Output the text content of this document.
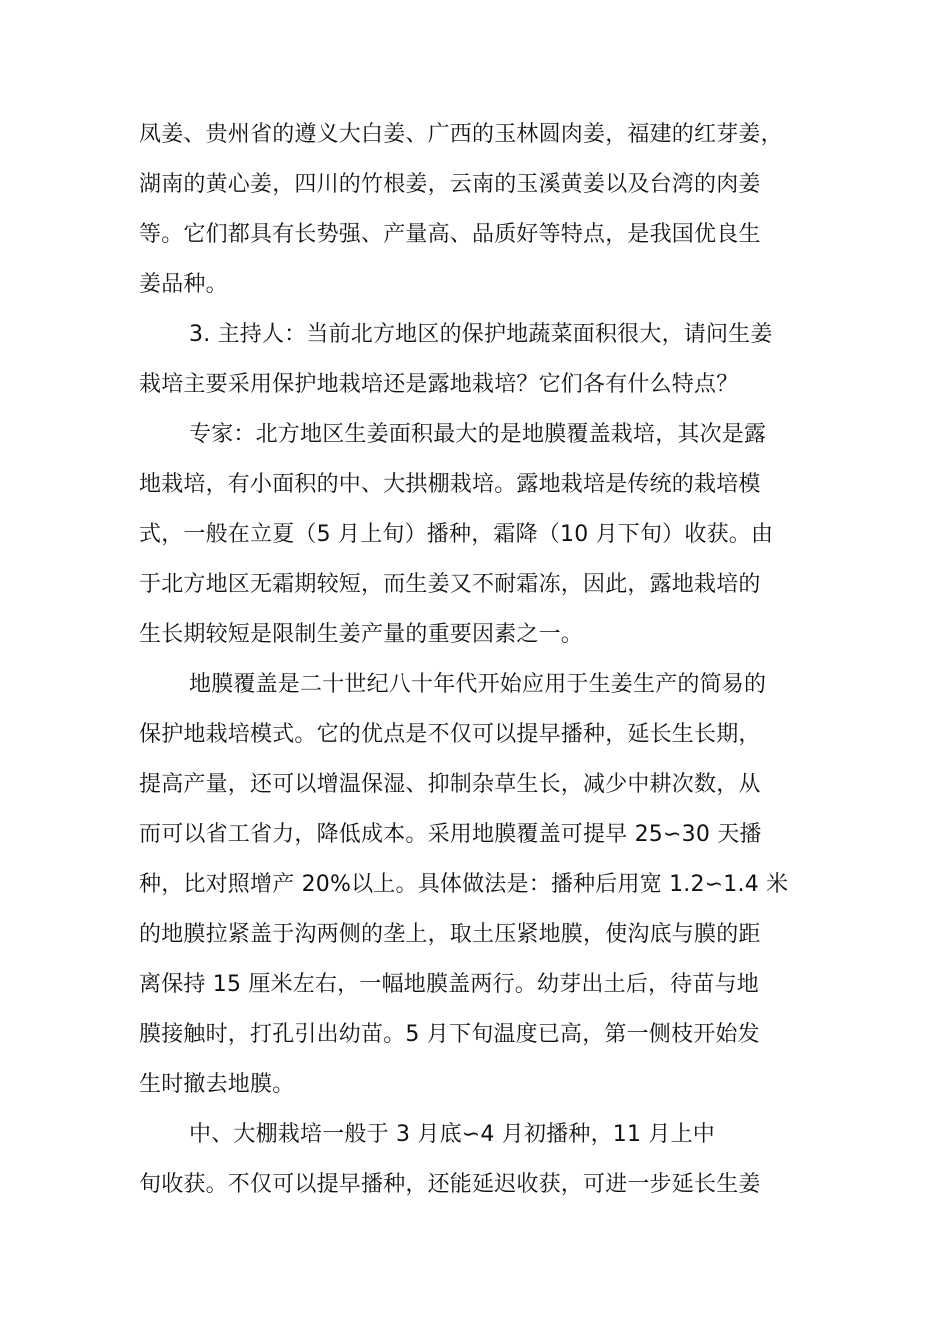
凤姜、贵州省的遵义大白姜、广西的玉林圆肉姜，福建的红芽姜，
湖南的黄心姜，四川的竹根姜，云南的玉溪黄姜以及台湾的肉姜
等。它们都具有长势强、产量高、品质好等特点，是我国优良生
姜品种。
3. 主持人：当前北方地区的保护地蔬菜面积很大，请问生姜
栽培主要采用保护地栽培还是露地栽培？它们各有什么特点？
专家：北方地区生姜面积最大的是地膜覆盖栽培，其次是露
地栽培，有小面积的中、大拱棚栽培。露地栽培是传统的栽培模
式，一般在立夏（5 月上旬）播种，霜降（10 月下旬）收获。由
于北方地区无霜期较短，而生姜又不耐霜冻，因此，露地栽培的
生长期较短是限制生姜产量的重要因素之一。
地膜覆盖是二十世纪八十年代开始应用于生姜生产的简易的
保护地栽培模式。它的优点是不仅可以提早播种，延长生长期，
提高产量，还可以增温保湿、抑制杂草生长，减少中耕次数，从
而可以省工省力，降低成本。采用地膜覆盖可提早 25∽30 天播
种，比对照增产 20%以上。具体做法是：播种后用宽 1.2∽1.4 米
的地膜拉紧盖于沟两侧的垄上，取土压紧地膜，使沟底与膜的距
离保持 15 厘米左右，一幅地膜盖两行。幼芽出土后，待苗与地
膜接触时，打孔引出幼苗。5 月下旬温度已高，第一侧枝开始发
生时撤去地膜。
中、大棚栽培一般于 3 月底∽4 月初播种，11 月上中
旬收获。不仅可以提早播种，还能延迟收获，可进一步延长生姜
